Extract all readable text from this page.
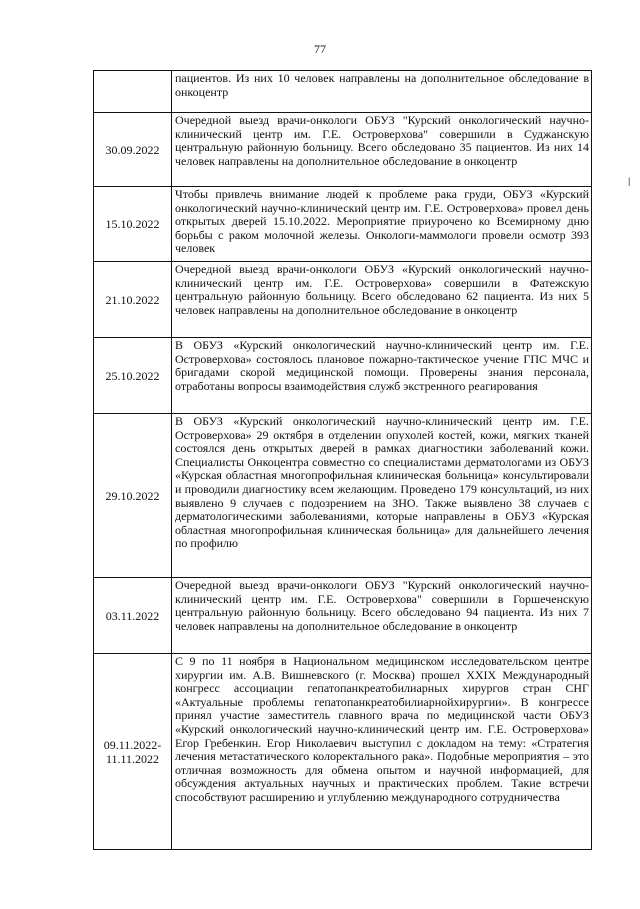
77
|
	пациентов. Из них 10 человек направлены на дополнительное обследование в онкоцентр

30.09.2022	Очередной выезд врачи-онкологи ОБУЗ "Курский онкологический научно-клинический центр им. Г.Е. Островерхова" совершили в Суджанскую центральную районную больницу. Всего обследовано 35 пациентов. Из них 14 человек направлены на дополнительное обследование в онкоцентр

15.10.2022	Чтобы привлечь внимание людей к проблеме рака груди, ОБУЗ «Курский онкологический научно-клинический центр им. Г.Е. Островерхова» провел день открытых дверей 15.10.2022. Мероприятие приурочено ко Всемирному дню борьбы с раком молочной железы. Онкологи-маммологи провели осмотр 393 человек

21.10.2022	Очередной выезд врачи-онкологи ОБУЗ «Курский онкологический научно-клинический центр им. Г.Е. Островерхова» совершили в Фатежскую центральную районную больницу. Всего обследовано 62 пациента. Из них 5 человек направлены на дополнительное обследование в онкоцентр

25.10.2022	В ОБУЗ «Курский онкологический научно-клинический центр им. Г.Е. Островерхова» состоялось плановое пожарно-тактическое учение ГПС МЧС и бригадами скорой медицинской помощи. Проверены знания персонала, отработаны вопросы взаимодействия служб экстренного реагирования

29.10.2022	В ОБУЗ «Курский онкологический научно-клинический центр им. Г.Е. Островерхова» 29 октября в отделении опухолей костей, кожи, мягких тканей состоялся день открытых дверей в рамках диагностики заболеваний кожи. Специалисты Онкоцентра совместно со специалистами дерматологами из ОБУЗ «Курская областная многопрофильная клиническая больница» консультировали и проводили диагностику всем желающим. Проведено 179 консультаций, из них выявлено 9 случаев с подозрением на ЗНО. Также выявлено 38 случаев с дерматологическими заболеваниями, которые направлены в ОБУЗ «Курская областная многопрофильная клиническая больница» для дальнейшего лечения по профилю

03.11.2022	Очередной выезд врачи-онкологи ОБУЗ "Курский онкологический научно-клинический центр им. Г.Е. Островерхова" совершили в Горшеченскую центральную районную больницу. Всего обследовано 94 пациента. Из них 7 человек направлены на дополнительное обследование в онкоцентр

09.11.2022-
11.11.2022	С 9 по 11 ноября в Национальном медицинском исследовательском центре хирургии им. А.В. Вишневского (г. Москва) прошел XXIX Международный конгресс ассоциации гепатопанкреатобилиарных хирургов стран СНГ «Актуальные проблемы гепатопанкреатобилиарнойхирургии». В конгрессе принял участие заместитель главного врача по медицинской части ОБУЗ «Курский онкологический научно-клинический центр им. Г.Е. Островерхова» Егор Гребенкин. Егор Николаевич выступил с докладом на тему: «Стратегия лечения метастатического колоректального рака». Подобные мероприятия – это отличная возможность для обмена опытом и научной информацией, для обсуждения актуальных научных и практических проблем. Такие встречи способствуют расширению и углублению международного сотрудничества
